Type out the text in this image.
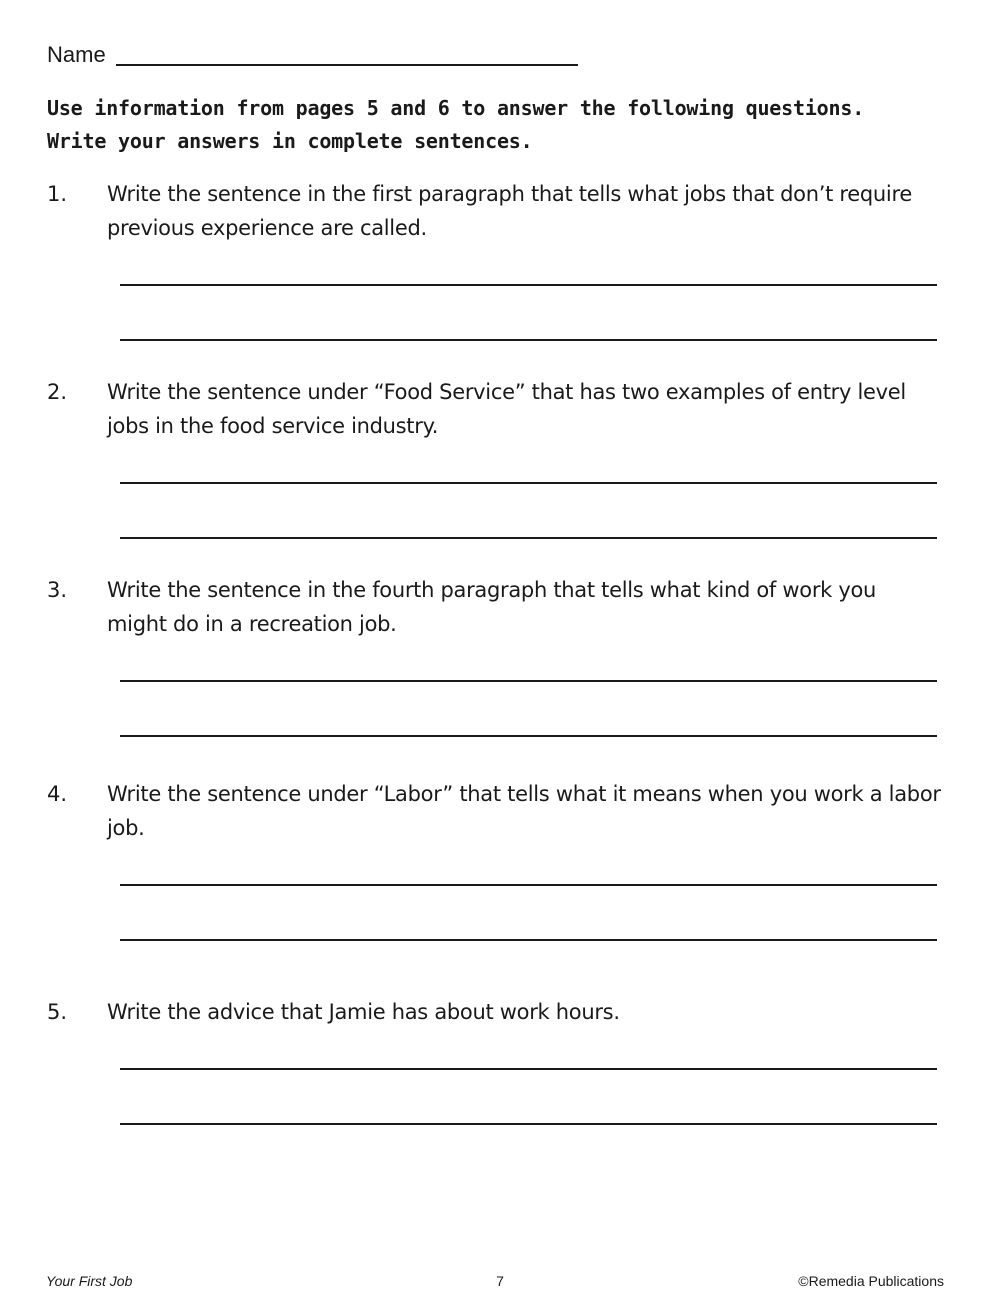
Name
Use information from pages 5 and 6 to answer the following questions.
Write your answers in complete sentences.
1. Write the sentence in the first paragraph that tells what jobs that don’t require previous experience are called.
2. Write the sentence under “Food Service” that has two examples of entry level jobs in the food service industry.
3. Write the sentence in the fourth paragraph that tells what kind of work you might do in a recreation job.
4. Write the sentence under “Labor” that tells what it means when you work a labor job.
5. Write the advice that Jamie has about work hours.
Your First Job	7	©Remedia Publications
